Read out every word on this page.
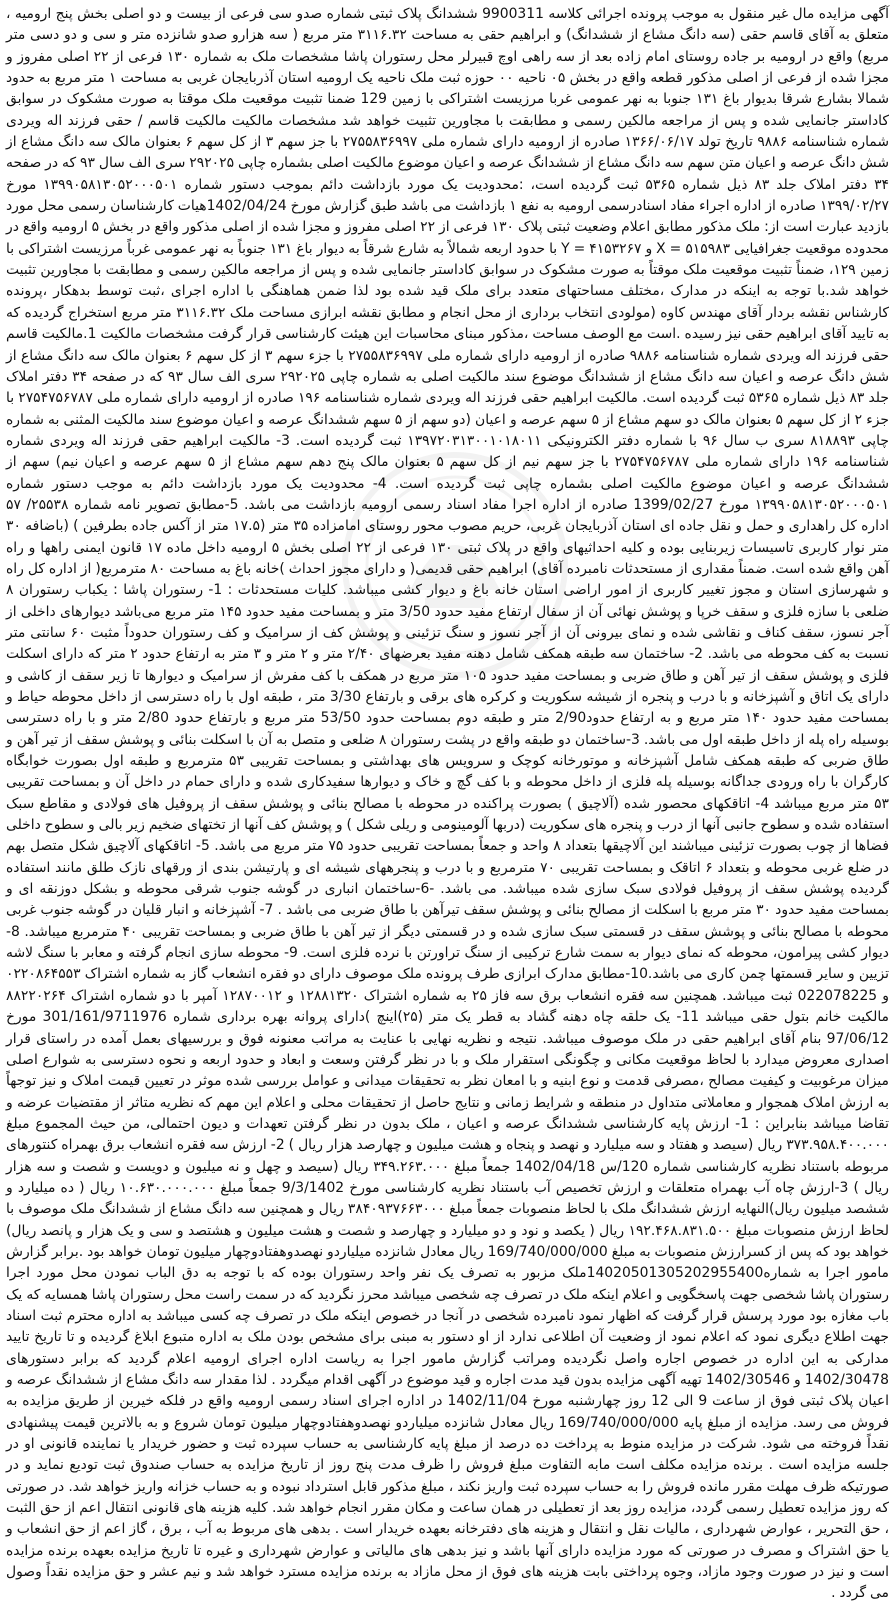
آگهی مزایده مال غیر منقول به موجب پرونده اجرائی کلاسه 9900311 ششدانگ پلاک ثبتی شماره صدو سی فرعی از بیست و دو اصلی بخش پنج ارومیه ، متعلق به آقای قاسم حقی (سه دانگ مشاع از ششدانگ) و ابراهیم حقی به مساحت ۳۱۱۶.۳۲ متر مربع ( سه هزارو صدو شانزده متر و سی و دو دسی متر مربع) واقع در ارومیه بر جاده روستای امام زاده بعد از سه راهی اوچ قبیرلر محل رستوران پاشا مشخصات ملک به شماره ۱۳۰ فرعی از ۲۲ اصلی مفروز و مجزا شده از فرعی از اصلی مذکور قطعه واقع در بخش ۰۵ ناحیه ۰۰ حوزه ثبت ملک ناحیه یک ارومیه استان آذربایجان غربی به مساحت ۱ متر مربع به حدود شمالا بشارع شرقا بدیوار باغ ۱۳۱ جنوبا به نهر عمومی غربا مرزیست اشتراکی با زمین 129 ضمنا تثبیت موقعیت ملک موقتا به صورت مشکوک در سوابق کاداستر جانمایی شده و پس از مراجعه مالکین رسمی و مطابقت با مجاورین تثبیت خواهد شد مشخصات مالکیت مالکیت قاسم / حقی فرزند اله ویردی شماره شناسنامه ۹۸۸۶ تاریخ تولد ۱۳۶۶/۰۶/۱۷ صادره از ارومیه دارای شماره ملی ۲۷۵۵۸۳۶۹۹۷ با جز سهم ۳ از کل سهم ۶ بعنوان مالک سه دانگ مشاع از شش دانگ عرصه و اعیان متن سهم سه دانگ مشاع از ششدانگ عرصه و اعیان موضوع مالکیت اصلی بشماره چاپی ۲۹۲۰۲۵ سری الف سال ۹۳ که در صفحه ۳۴ دفتر املاک جلد ۸۳ ذیل شماره ۵۳۶۵ ثبت گردیده است، :محدودیت یک مورد بازداشت دائم بموجب دستور شماره ۱۳۹۹۰۵۸۱۳۰۵۲۰۰۰۵۰۱ مورخ ۱۳۹۹/۰۲/۲۷ صادره از اداره اجراء مفاد اسنادرسمی ارومیه به نفع ۱ بازداشت می باشد طبق گزارش مورخ 1402/04/24هیات کارشناسان رسمی محل مورد بازدید عبارت است از: ملک مذکور مطابق اعلام وضعیت ثبتی پلاک ۱۳۰ فرعی از ۲۲ اصلی مفروز و مجزا شده از اصلی مذکور واقع در بخش ۵ ارومیه واقع در محدوده موقعیت جغرافیایی ۵۱۵۹۸۳ = X و ۴۱۵۳۲۶۷ = Y با حدود اربعه شمالاً به شارع شرقاً به دیوار باغ ۱۳۱ جنوباً به نهر عمومی غرباً مرزیست اشتراکی با زمین ۱۲۹، ضمناً تثبیت موقعیت ملک موقتاً به صورت مشکوک در سوابق کاداستر جانمایی شده و پس از مراجعه مالکین رسمی و مطابقت با مجاورین تثبیت خواهد شد.با توجه به اینکه در مدارک ،مختلف مساحتهای متعدد برای ملک قید شده بود لذا ضمن هماهنگی با اداره اجرای ،ثبت توسط بدهکار ،پرونده کارشناس نقشه بردار آقای مهندس کاوه (مولودی انتخاب برداری از محل انجام و مطابق نقشه ابرازی مساحت ملک ۳۱۱۶.۳۲ متر مربع استخراج گردیده که به تایید آقای ابراهیم حقی نیز رسیده .است مع الوصف مساحت ،مذکور مبنای محاسبات این هیئت کارشناسی قرار گرفت مشخصات مالکیت 1.مالکیت قاسم حقی فرزند اله ویردی شماره شناسنامه ۹۸۸۶ صادره از ارومیه دارای شماره ملی ۲۷۵۵۸۳۶۹۹۷ با جزء سهم ۳ از کل سهم ۶ بعنوان مالک سه دانگ مشاع از شش دانگ عرصه و اعیان سه دانگ مشاع از ششدانگ موضوع سند مالکیت اصلی به شماره چاپی ۲۹۲۰۲۵ سری الف سال ۹۳ که در صفحه ۳۴ دفتر املاک جلد ۸۳ ذیل شماره ۵۳۶۵ ثبت گردیده است. مالکیت ابراهیم حقی فرزند اله ویردی شماره شناسنامه ۱۹۶ صادره از ارومیه دارای شماره ملی ۲۷۵۴۷۵۶۷۸۷ با جزء ۲ از کل سهم ۵ بعنوان مالک دو سهم مشاع از ۵ سهم عرصه و اعیان (دو سهم از ۵ سهم ششدانگ عرصه و اعیان موضوع سند مالکیت المثنی به شماره چاپی ۸۱۸۸۹۳ سری ب سال ۹۶ با شماره دفتر الکترونیکی ۱۳۹۷۲۰۳۱۳۰۰۱۰۱۸۰۱۱ ثبت گردیده است. 3- مالکیت ابراهیم حقی فرزند اله ویردی شماره شناسنامه ۱۹۶ دارای شماره ملی ۲۷۵۴۷۵۶۷۸۷ با جز سهم نیم از کل سهم ۵ بعنوان مالک پنج دهم سهم مشاع از ۵ سهم عرصه و اعیان نیم) سهم از ششدانگ عرصه و اعیان موضوع مالکیت اصلی بشماره چاپی ثبت گردیده است. 4- محدودیت یک مورد بازداشت دائم به موجب دستور شماره ۱۳۹۹۰۵۸۱۳۰۵۲۰۰۰۵۰۱ مورخ 1399/02/27 صادره از اداره اجرا مفاد اسناد رسمی ارومیه بازداشت می باشد. 5-مطابق تصویر نامه شماره ۲۵۵۳۸/ ۵۷ اداره کل راهداری و حمل و نقل جاده ای استان آذربایجان غربی، حریم مصوب محور روستای امامزاده ۳۵ متر (۱۷.۵ متر از آکس جاده بطرفین ) (باضافه ۳۰ متر نوار کاربری تاسیسات زیربنایی بوده و کلیه احداثیهای واقع در پلاک ثبتی ۱۳۰ فرعی از ۲۲ اصلی بخش ۵ ارومیه داخل ماده ۱۷ قانون ایمنی راهها و راه آهن واقع شده است. ضمناً مقداری از مستحدثات نامبرده آقای) ابراهیم حقی قدیمی( و دارای مجوز احداث )خانه باغ به مساحت ۸۰ مترمربع( از اداره کل راه و شهرسازی استان و مجوز تغییر کاربری از امور اراضی استان خانه باغ و دیوار کشی میباشد. کلیات مستحدثات : 1- رستوران پاشا : یکباب رستوران ۸ ضلعی با سازه فلزی و سقف خرپا و پوشش نهائی آن از سفال ارتفاع مفید حدود 3/50 متر و بمساحت مفید حدود ۱۴۵ متر مربع می‌باشد دیوارهای داخلی از آجر نسوز، سقف کناف و نقاشی شده و نمای بیرونی آن از آجر نسوز و سنگ تزئینی و پوشش کف از سرامیک و کف رستوران حدوداً مثبت ۶۰ سانتی متر نسبت به کف محوطه می باشد. 2- ساختمان سه طبقه همکف شامل دهنه مفید بعرضهای ۲/۴۰ متر و ۲ متر و ۳ متر به ارتفاع حدود ۲ متر که دارای اسکلت فلزی و پوشش سقف از تیر آهن و طاق ضربی و بمساحت مفید حدود ۱۰۵ متر مربع در همکف با کف مفرش از سرامیک و دیوارها تا زیر سقف از کاشی و دارای یک اتاق و آشپزخانه و با درب و پنجره از شیشه سکوریت و کرکره های برقی و بارتفاع 3/30 متر ، طبقه اول با راه دسترسی از داخل محوطه حیاط و بمساحت مفید حدود ۱۴۰ متر مربع و به ارتفاع حدود2/90 متر و طبقه دوم بمساحت حدود 53/50 متر مربع و بارتفاع حدود 2/80 متر و با راه دسترسی بوسیله راه پله از داخل طبقه اول می باشد. 3-ساختمان دو طبقه واقع در پشت رستوران ۸ ضلعی و متصل به آن با اسکلت بنائی و پوشش سقف از تیر آهن و طاق ضربی که طبقه همکف شامل آشپزخانه و موتورخانه کوچک و سرویس های بهداشتی و بمساحت تقریبی ۵۳ مترمربع و طبقه اول بصورت خوابگاه کارگران با راه ورودی جداگانه بوسیله پله فلزی از داخل محوطه و با کف گچ و خاک و دیوارها سفیدکاری شده و دارای حمام در داخل آن و بمساحت تقریبی ۵۳ متر مربع میباشد 4- اتاقکهای محصور شده (آلاچیق ) بصورت پراکنده در محوطه با مصالح بنائی و پوشش سقف از پروفیل های فولادی و مقاطع سبک استفاده شده و سطوح جانبی آنها از درب و پنجره های سکوریت (دربها آلومینومی و ریلی شکل ) و پوشش کف آنها از تختهای ضخیم زیر بالی و سطوح داخلی فضاها از چوب بصورت تزئینی میباشند این آلاچیقها بتعداد ۸ واحد و جمعاً بمساحت تقریبی حدود ۷۵ متر مربع می باشد. 5- اتاقکهای آلاچیق شکل متصل بهم در ضلع غربی محوطه و بتعداد ۶ اتاقک و بمساحت تقریبی ۷۰ مترمربع و با درب و پنجرههای شیشه ای و پارتیشن بندی از ورقهای نازک طلق مانند استفاده گردیده پوشش سقف از پروفیل فولادی سبک سازی شده میباشد. می باشد. -6-ساختمان انباری در گوشه جنوب شرقی محوطه و بشکل دوزنقه ای و بمساحت مفید حدود ۳۰ متر مربع با اسکلت از مصالح بنائی و پوشش سقف تیرآهن با طاق ضربی می باشد . 7- آشپزخانه و انبار قلیان در گوشه جنوب غربی محوطه با مصالح بنائی و پوشش سقف در قسمتی سبک سازی شده و در قسمتی دیگر از تیر آهن با طاق ضربی و بمساحت تقریبی ۴۰ مترمربع میباشد. 8-دیوار کشی پیرامون، محوطه که نمای دیوار به سمت شارع ترکیبی از سنگ تراورتن با نرده فلزی است. 9- محوطه سازی انجام گرفته و معابر با سنگ لاشه تزیین و سایر قسمتها چمن کاری می باشد.10-مطابق مدارک ابرازی طرف پرونده ملک موصوف دارای دو فقره انشعاب گاز به شماره اشتراک ۰۲۲۰۸۶۴۵۵۳ و 022078225 ثبت میباشد. همچنین سه فقره انشعاب برق سه فاز ۲۵ به شماره اشتراک ۱۲۸۸۱۳۲۰ و ۱۲۸۷۰۰۱۲ آمپر با دو شماره اشتراک ۸۸۲۲۰۲۶۴ مالکیت خانم بتول حقی میباشد 11- یک حلقه چاه دهنه گشاد به قطر یک متر (۲۵)اینچ )دارای پروانه بهره برداری شماره 301/161/9711976 مورخ 97/06/12 بنام آقای ابراهیم حقی در ملک موصوف میباشد. نتیجه و نظریه نهایی با عنایت به مراتب معنونه فوق و بررسیهای بعمل آمده در راستای قرار اصداری معروض میدارد با لحاظ موقعیت مکانی و چگونگی استقرار ملک و با در نظر گرفتن وسعت و ابعاد و حدود اربعه و نحوه دسترسی به شوارع اصلی میزان مرغوبیت و کیفیت مصالح ،مصرفی قدمت و نوع ابنیه و با امعان نظر به تحقیقات میدانی و عوامل بررسی شده موثر در تعیین قیمت املاک و نیز توجهاً به ارزش املاک همجوار و معاملاتی متداول در منطقه و شرایط زمانی و نتایج حاصل از تحقیقات محلی و اعلام این مهم که نظریه متاثر از مقتضیات عرضه و تقاضا میباشد بنابراین : 1- ارزش پایه کارشناسی ششدانگ عرصه و اعیان ، ملک بدون در نظر گرفتن تعهدات و دیون احتمالی، من حیث المجموع مبلغ ۳۷۳.۹۵۸.۴۰۰.۰۰۰ ریال (سیصد و هفتاد و سه میلیارد و نهصد و پنجاه و هشت میلیون و چهارصد هزار ریال ) 2- ارزش سه فقره انشعاب برق بهمراه کنتورهای مربوطه باستناد نظریه کارشناسی شماره 120/س 1402/04/18 جمعاً مبلغ ۳۴۹.۲۶۳.۰۰۰ ریال (سیصد و چهل و نه میلیون و دویست و شصت و سه هزار ریال ) 3-ارزش چاه آب بهمراه متعلقات و ارزش تخصیص آب باستناد نظریه کارشناسی مورخ 9/3/1402 جمعاً مبلغ ۱۰.۶۳۰.۰۰۰.۰۰۰ ریال ( ده میلیارد و ششصد میلیون ریال)النهایه ارزش ششدانگ ملک با لحاظ منصوبات جمعاً مبلغ ۳۸۴۰۹۳۷۶۶۳۰۰۰ ریال و همچنین سه دانگ مشاع از ششدانگ ملک موصوف با لحاظ ارزش منصوبات مبلغ ۱۹۲.۴۶۸.۸۳۱.۵۰۰ ریال ( یکصد و نود و دو میلیارد و چهارصد و شصت و هشت میلیون و هشتصد و سی و یک هزار و پانصد ریال) خواهد بود که پس از کسرارزش منصوبات به مبلغ 169/740/000/000 ریال معادل شانزده میلیاردو نهصدوهفتادوچهار میلیون تومان خواهد بود .برابر گزارش مامور اجرا به شماره14020501305202955400‌ملک مزبور به تصرف یک نفر واحد رستوران بوده که با توجه به دق الباب نمودن محل مورد اجرا رستوران پاشا شخصی جهت پاسخگویی و اعلام اینکه ملک در تصرف چه شخصی میباشد محرز نگردید که در سمت راست محل رستوران پاشا همسایه که یک باب مغازه بود مورد پرسش قرار گرفت که اظهار نمود نامبرده شخصی در آنجا در خصوص اینکه ملک در تصرف چه کسی میباشد به اداره محترم ثبت اسناد جهت اطلاع دیگری نمود که اعلام نمود از وضعیت آن اطلاعی ندارد از او دستور به مبنی برای مشخص بودن ملک به اداره متبوع ابلاغ گردیده و تا تاریخ تایید مدارکی به این اداره در خصوص اجاره واصل نگردیده ومراتب گزارش مامور اجرا به ریاست اداره اجرای ارومیه اعلام گردید که برابر دستورهای 1402/30478 و 1402/30546 تهیه آگهی مزایده بدون قید مدت اجاره و قید موضوع در آگهی اقدام میگردد . لذا مقدار سه دانگ مشاع از ششدانگ عرصه و اعیان پلاک ثبتی فوق از ساعت 9 الی 12 روز چهارشنبه مورخ 1402/11/04 در اداره اجرای اسناد رسمی ارومیه واقع در فلکه خیرین از طریق مزایده به فروش می رسد. مزایده از مبلغ پایه 169/740/000/000 ریال معادل شانزده میلیاردو نهصدوهفتادوچهار میلیون تومان شروع و به بالاترین قیمت پیشنهادی نقداً فروخته می شود. شرکت در مزایده منوط به پرداخت ده درصد از مبلغ پایه کارشناسی به حساب سپرده ثبت و حضور خریدار یا نماینده قانونی او در جلسه مزایده است . برنده مزایده مکلف است مابه التفاوت مبلغ فروش را ظرف مدت پنج روز از تاریخ مزایده به حساب صندوق ثبت تودیع نماید و در صورتیکه ظرف مهلت مقرر مانده فروش را به حساب سپرده ثبت واریز نکند ، مبلغ مذکور قابل استرداد نبوده و به حساب خزانه واریز خواهد شد. در صورتی که روز مزایده تعطیل رسمی گردد، مزایده روز بعد از تعطیلی در همان ساعت و مکان مقرر انجام خواهد شد. کلیه هزینه های قانونی انتقال اعم از حق الثبت ، حق التحریر ، عوارض شهرداری ، مالیات نقل و انتقال و هزینه های دفترخانه بعهده خریدار است . بدهی های مربوط به آب ، برق ، گاز اعم از حق انشعاب و یا حق اشتراک و مصرف در صورتی که مورد مزایده دارای آنها باشد و نیز بدهی های مالیاتی و عوارض شهرداری و غیره تا تاریخ مزایده بعهده برنده مزایده است و نیز در صورت وجود مازاد، وجوه پرداختی بابت هزینه های فوق از محل مازاد به برنده مزایده مسترد خواهد شد و نیم عشر و حق مزایده نقداً وصول می گردد .
